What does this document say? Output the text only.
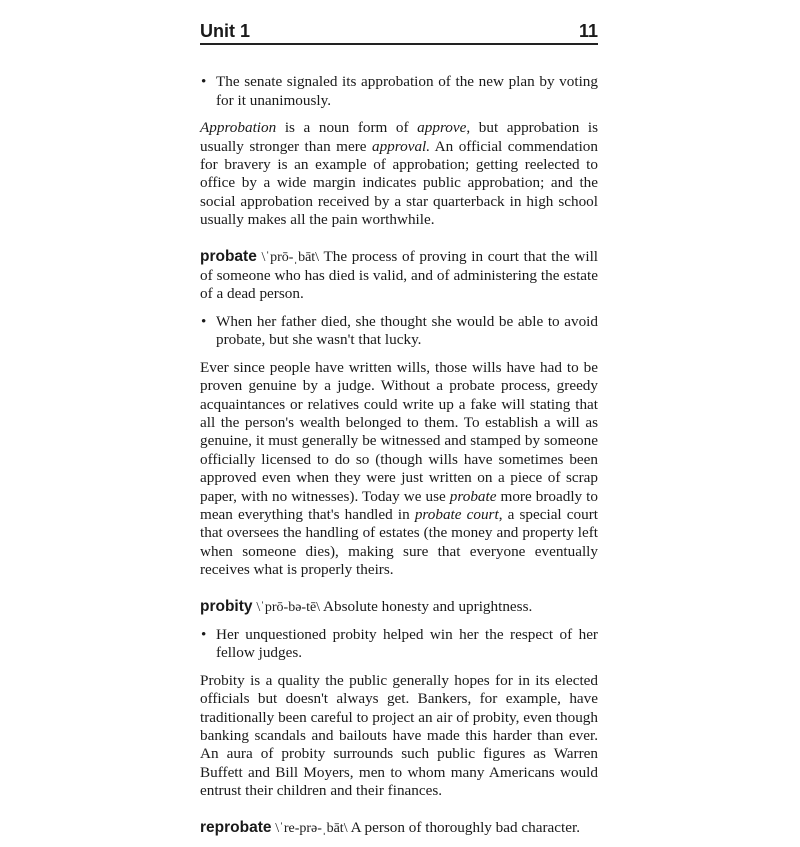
Unit 1	11

• The senate signaled its approbation of the new plan by voting for it unanimously.

Approbation is a noun form of approve, but approbation is usually stronger than mere approval. An official commendation for bravery is an example of approbation; getting reelected to office by a wide margin indicates public approbation; and the social approbation received by a star quarterback in high school usually makes all the pain worthwhile.

probate \ˈprō-ˌbāt\ The process of proving in court that the will of someone who has died is valid, and of administering the estate of a dead person.

• When her father died, she thought she would be able to avoid probate, but she wasn't that lucky.

Ever since people have written wills, those wills have had to be proven genuine by a judge. Without a probate process, greedy acquaintances or relatives could write up a fake will stating that all the person's wealth belonged to them. To establish a will as genuine, it must generally be witnessed and stamped by someone officially licensed to do so (though wills have sometimes been approved even when they were just written on a piece of scrap paper, with no witnesses). Today we use probate more broadly to mean everything that's handled in probate court, a special court that oversees the handling of estates (the money and property left when someone dies), making sure that everyone eventually receives what is properly theirs.

probity \ˈprō-bə-tē\ Absolute honesty and uprightness.

• Her unquestioned probity helped win her the respect of her fellow judges.

Probity is a quality the public generally hopes for in its elected officials but doesn't always get. Bankers, for example, have traditionally been careful to project an air of probity, even though banking scandals and bailouts have made this harder than ever. An aura of probity surrounds such public figures as Warren Buffett and Bill Moyers, men to whom many Americans would entrust their children and their finances.

reprobate \ˈre-prə-ˌbāt\ A person of thoroughly bad character.
